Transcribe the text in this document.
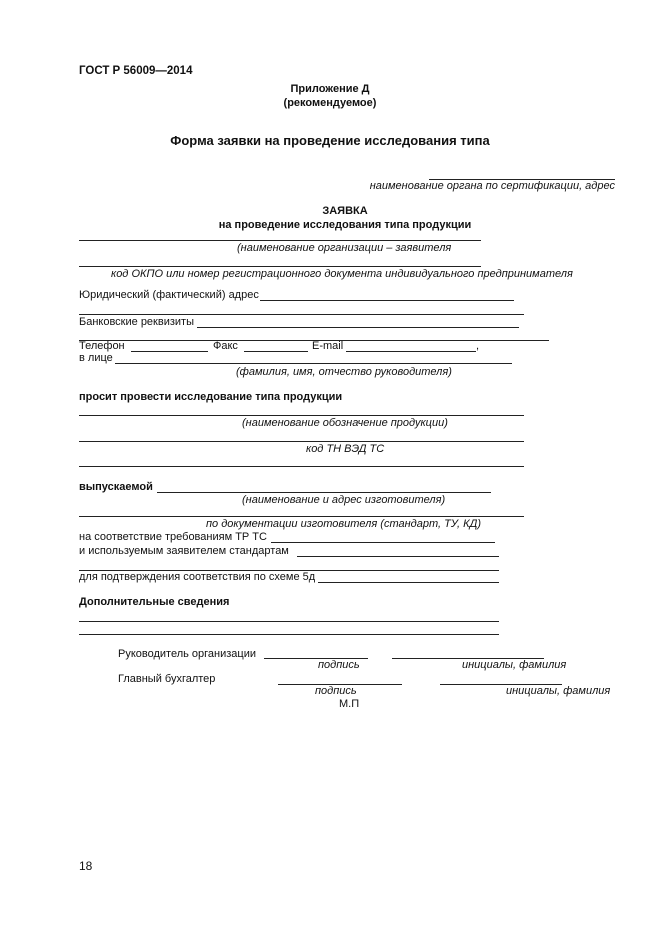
ГОСТ Р 56009—2014
Приложение Д
(рекомендуемое)
Форма заявки на проведение исследования типа
наименование органа по сертификации, адрес
ЗАЯВКА
на проведение исследования типа продукции
(наименование организации – заявителя
код ОКПО или номер регистрационного документа индивидуального предпринимателя
Юридический (фактический) адрес
Банковские реквизиты
Телефон	Факс	E-mail	,
в лице
(фамилия, имя, отчество руководителя)
просит провести исследование типа продукции
(наименование обозначение продукции)
код ТН ВЭД ТС
выпускаемой
(наименование и адрес изготовителя)
по документации изготовителя (стандарт, ТУ, КД)
на соответствие требованиям ТР ТС
и используемым заявителем стандартам
для подтверждения соответствия по схеме 5д
Дополнительные сведения
Руководитель организации
подпись	инициалы, фамилия
Главный бухгалтер
подпись	инициалы, фамилия
М.П
18
